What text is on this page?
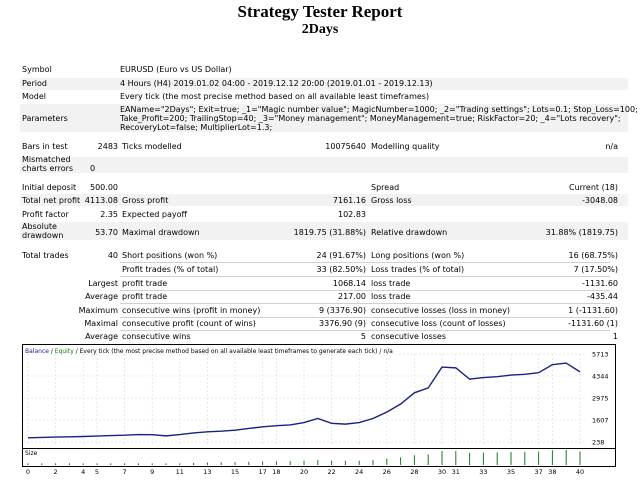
Strategy Tester Report
2Days
Symbol	EURUSD (Euro vs US Dollar)
Period	4 Hours (H4) 2019.01.02 04:00 - 2019.12.12 20:00 (2019.01.01 - 2019.12.13)
Model	Every tick (the most precise method based on all available least timeframes)
Parameters
EAName="2Days"; Exit=true; _1="Magic number value"; MagicNumber=1000; _2="Trading settings"; Lots=0.1; Stop_Loss=100;
Take_Profit=200; TrailingStop=40; _3="Money management"; MoneyManagement=true; RiskFactor=20; _4="Lots recovery";
RecoveryLot=false; MultiplierLot=1.3;
Bars in test	2483 Ticks modelled	10075640 Modelling quality	n/a
Mismatched
charts errors 0
Initial deposit	500.00	Spread	Current (18)
Total net profit 4113.08 Gross profit	7161.16 Gross loss	-3048.08
Profit factor	2.35 Expected payoff	102.83
Absolute
drawdown	53.70 Maximal drawdown	1819.75 (31.88%) Relative drawdown	31.88% (1819.75)
Total trades	40 Short positions (won %)	24 (91.67%) Long positions (won %)	16 (68.75%)
Profit trades (% of total)	33 (82.50%) Loss trades (% of total)	7 (17.50%)
Largest profit trade	1068.14 loss trade	-1131.60
Average profit trade	217.00 loss trade	-435.44
Maximum consecutive wins (profit in money)	9 (3376.90) consecutive losses (loss in money)	1 (-1131.60)
Maximal consecutive profit (count of wins)	3376.90 (9) consecutive loss (count of losses)	-1131.60 (1)
Average consecutive wins	5 consecutive losses	1
Balance / Equity / Every tick (the most precise method based on all available least timeframes to generate each tick) / n/a	5713
4344
2975
1607
238
Size
0	2	4 5	7	9	11	13	15	17 18	20	22	24	26	28	30 31	33	35	37 38	40
